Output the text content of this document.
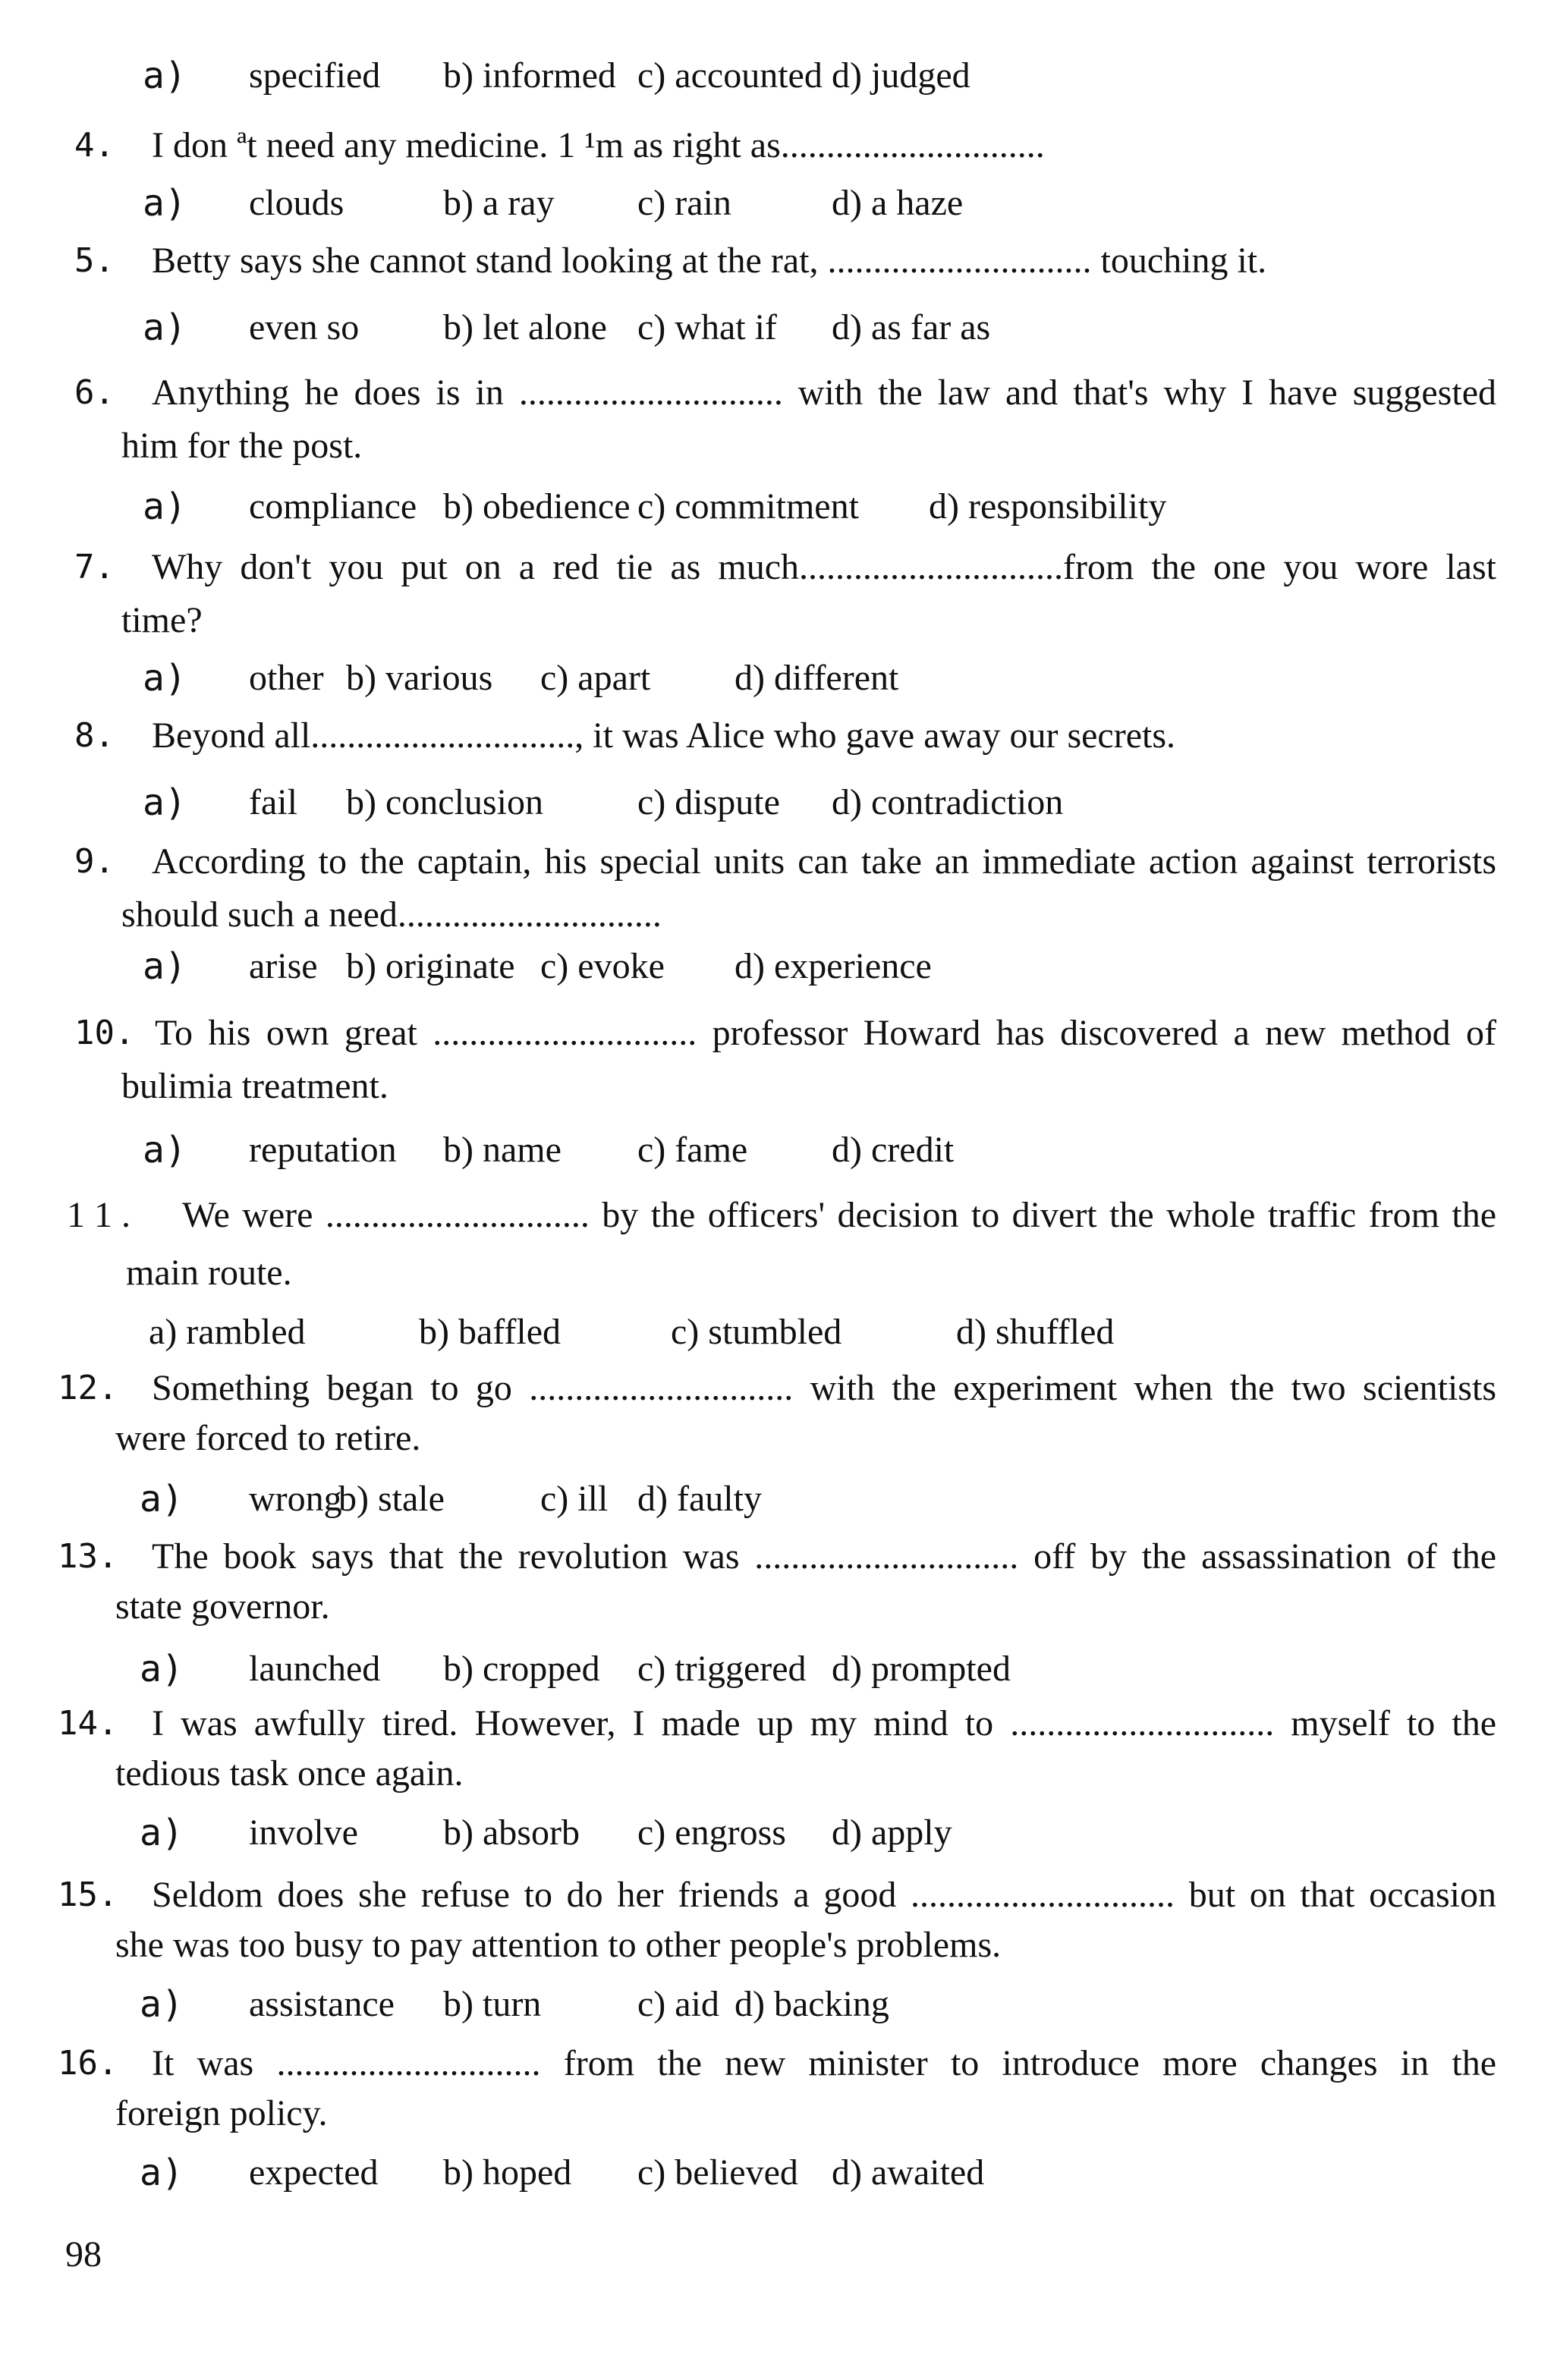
a) specified b) informed c) accounted d) judged
4. I don ªt need any medicine. 1 ¹m as right as.............................
a) clouds	b) a ray c) rain	d) a haze
5. Betty says she cannot stand looking at the rat, ............................. touching it.
a) even so b) let alone c) what if d) as far as
6. Anything he does is in ............................. with the law and that's why I have suggested
him for the post.
a) compliance b) obedience c) commitment d) responsibility
7. Why don't you put on a red tie as much.............................from the one you wore last
time?
a) other b) various c) apart d) different
8. Beyond all............................., it was Alice who gave away our secrets.
a) fail b) conclusion	c) dispute d) contradiction
9. According to the captain, his special units can take an immediate action against terrorists
should such a need.............................
a) arise b) originate c) evoke d) experience
10. To his own great ............................. professor Howard has discovered a new method of
bulimia treatment.
a) reputation b) name c) fame d) credit
1 1 . We were ............................. by the officers' decision to divert the whole traffic from the
main route.
a) rambled	b) baffled	c) stumbled	d) shuffled
12. Something began to go ............................. with the experiment when the two scientists
were forced to retire.
a) wrong
b) stale	c) ill d) faulty
13. The book says that the revolution was ............................. off by the assassination of the
state governor.
a) launched b) cropped c) triggered d) prompted
14. I was awfully tired. However, I made up my mind to ............................. myself to the
tedious task once again.
a) involve b) absorb c) engross d) apply
15. Seldom does she refuse to do her friends a good ............................. but on that occasion
she was too busy to pay attention to other people's problems.
a) assistance b) turn	c) aid d) backing
16. It was ............................. from the new minister to introduce more changes in the
foreign policy.
a) expected b) hoped c) believed d) awaited
98
